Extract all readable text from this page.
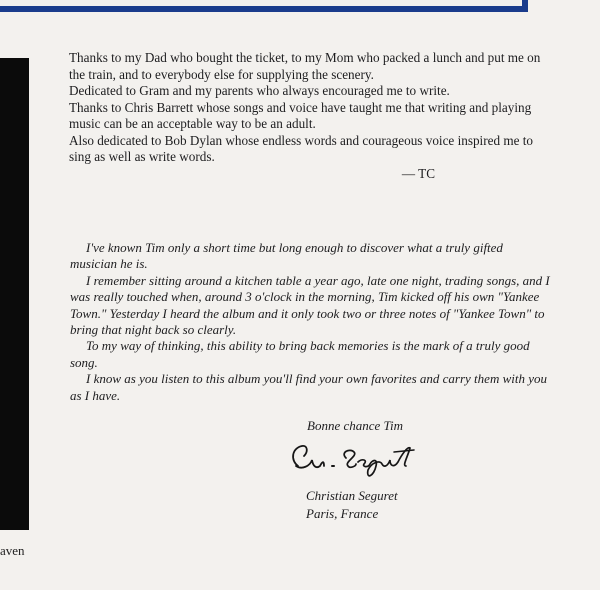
aven

Thanks to my Dad who bought the ticket, to my Mom who packed a lunch and put me on the train, and to everybody else for supplying the scenery.

Dedicated to Gram and my parents who always encouraged me to write.

Thanks to Chris Barrett whose songs and voice have taught me that writing and playing music can be an acceptable way to be an adult.

Also dedicated to Bob Dylan whose endless words and courageous voice inspired me to sing as well as write words.

— TC

I've known Tim only a short time but long enough to discover what a truly gifted musician he is.

I remember sitting around a kitchen table a year ago, late one night, trading songs, and I was really touched when, around 3 o'clock in the morning, Tim kicked off his own "Yankee Town." Yesterday I heard the album and it only took two or three notes of "Yankee Town" to bring that night back so clearly.

To my way of thinking, this ability to bring back memories is the mark of a truly good song.

I know as you listen to this album you'll find your own favorites and carry them with you as I have.

Bonne chance Tim
Christian Seguret
Paris, France
